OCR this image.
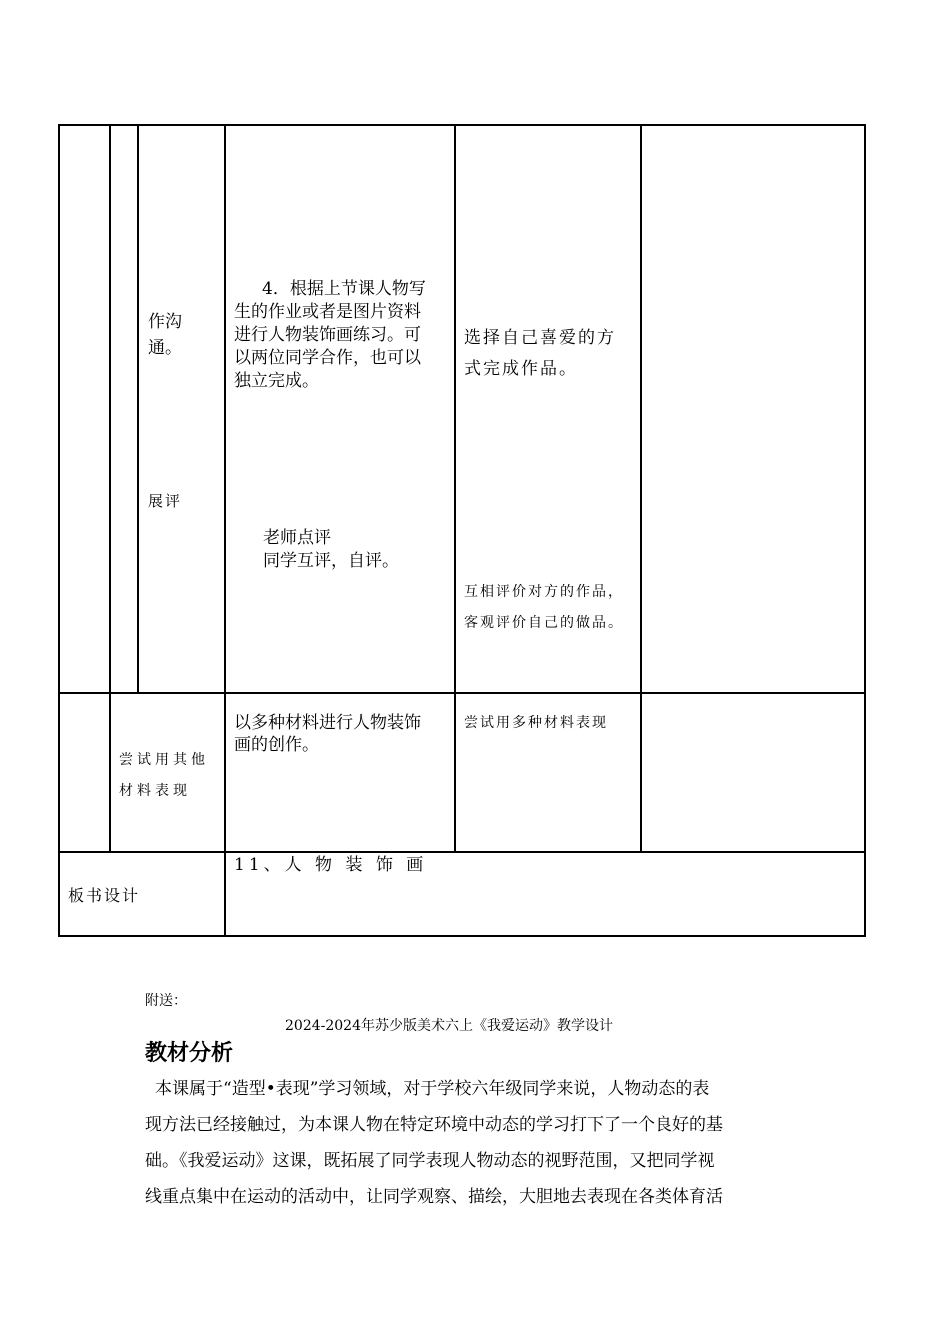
作沟
通。
展评
4．根据上节课人物写
生的作业或者是图片资料
进行人物装饰画练习。可
以两位同学合作，也可以
独立完成。
老师点评
同学互评，自评。
选择自己喜爱的方
式完成作品。
互相评价对方的作品，
客观评价自己的做品。
尝试用其他
材料表现
以多种材料进行人物装饰
画的创作。
尝试用多种材料表现
板书设计
11、人 物 装 饰 画
附送：
2024-2024年苏少版美术六上《我爱运动》教学设计
教材分析
本课属于“造型•表现”学习领域，对于学校六年级同学来说，人物动态的表
现方法已经接触过，为本课人物在特定环境中动态的学习打下了一个良好的基
础。《我爱运动》这课，既拓展了同学表现人物动态的视野范围，又把同学视
线重点集中在运动的活动中，让同学观察、描绘，大胆地去表现在各类体育活
